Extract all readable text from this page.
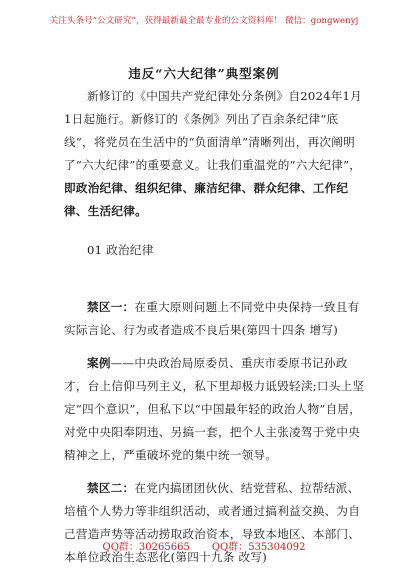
关注头条号“公文研究”，获得最新最全最专业的公文资料库！ 微信：gongwenyj
违反“六大纪律”典型案例

新修订的《中国共产党纪律处分条例》自2024年1月1日起施行。新修订的《条例》列出了百余条纪律“底线”，将党员在生活中的“负面清单”清晰列出，再次阐明了“六大纪律”的重要意义。让我们重温党的“六大纪律”，即政治纪律、组织纪律、廉洁纪律、群众纪律、工作纪律、生活纪律。

01 政治纪律

禁区一：在重大原则问题上不同党中央保持一致且有实际言论、行为或者造成不良后果(第四十四条 增写)

案例——中央政治局原委员、重庆市委原书记孙政才，台上信仰马列主义，私下里却极力诋毁轻渎;口头上坚定“四个意识”，但私下以“中国最年轻的政治人物”自居，对党中央阳奉阴违、另搞一套，把个人主张凌驾于党中央精神之上，严重破坏党的集中统一领导。

禁区二：在党内搞团团伙伙、结党营私、拉帮结派、培植个人势力等非组织活动，或者通过搞利益交换、为自己营造声势等活动捞取政治资本，导致本地区、本部门、本单位政治生态恶化(第四十九条 改写)

QQ群：30265665 QQ群：535304092
